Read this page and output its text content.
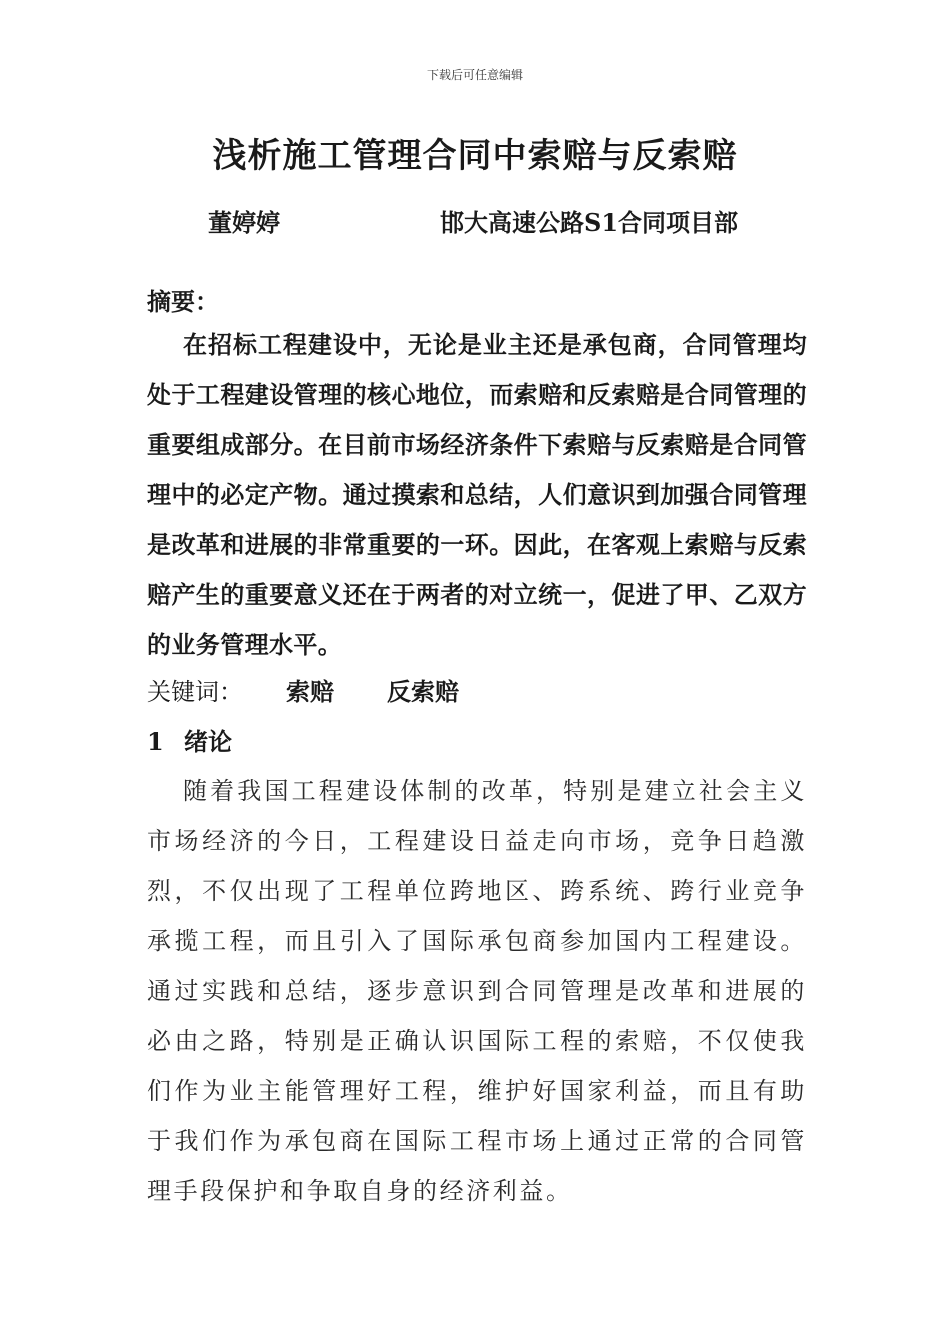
下载后可任意编辑
浅析施工管理合同中索赔与反索赔
董婷婷	邯大高速公路S1合同项目部
摘要：
在招标工程建设中，无论是业主还是承包商，合同管理均处于工程建设管理的核心地位，而索赔和反索赔是合同管理的重要组成部分。在目前市场经济条件下索赔与反索赔是合同管理中的必定产物。通过摸索和总结，人们意识到加强合同管理是改革和进展的非常重要的一环。因此，在客观上索赔与反索赔产生的重要意义还在于两者的对立统一，促进了甲、乙双方的业务管理水平。
关键词： 索赔 反索赔
1 绪论
随着我国工程建设体制的改革，特别是建立社会主义市场经济的今日，工程建设日益走向市场，竞争日趋激烈，不仅出现了工程单位跨地区、跨系统、跨行业竞争承揽工程，而且引入了国际承包商参加国内工程建设。通过实践和总结，逐步意识到合同管理是改革和进展的必由之路，特别是正确认识国际工程的索赔，不仅使我们作为业主能管理好工程，维护好国家利益，而且有助于我们作为承包商在国际工程市场上通过正常的合同管理手段保护和争取自身的经济利益。
